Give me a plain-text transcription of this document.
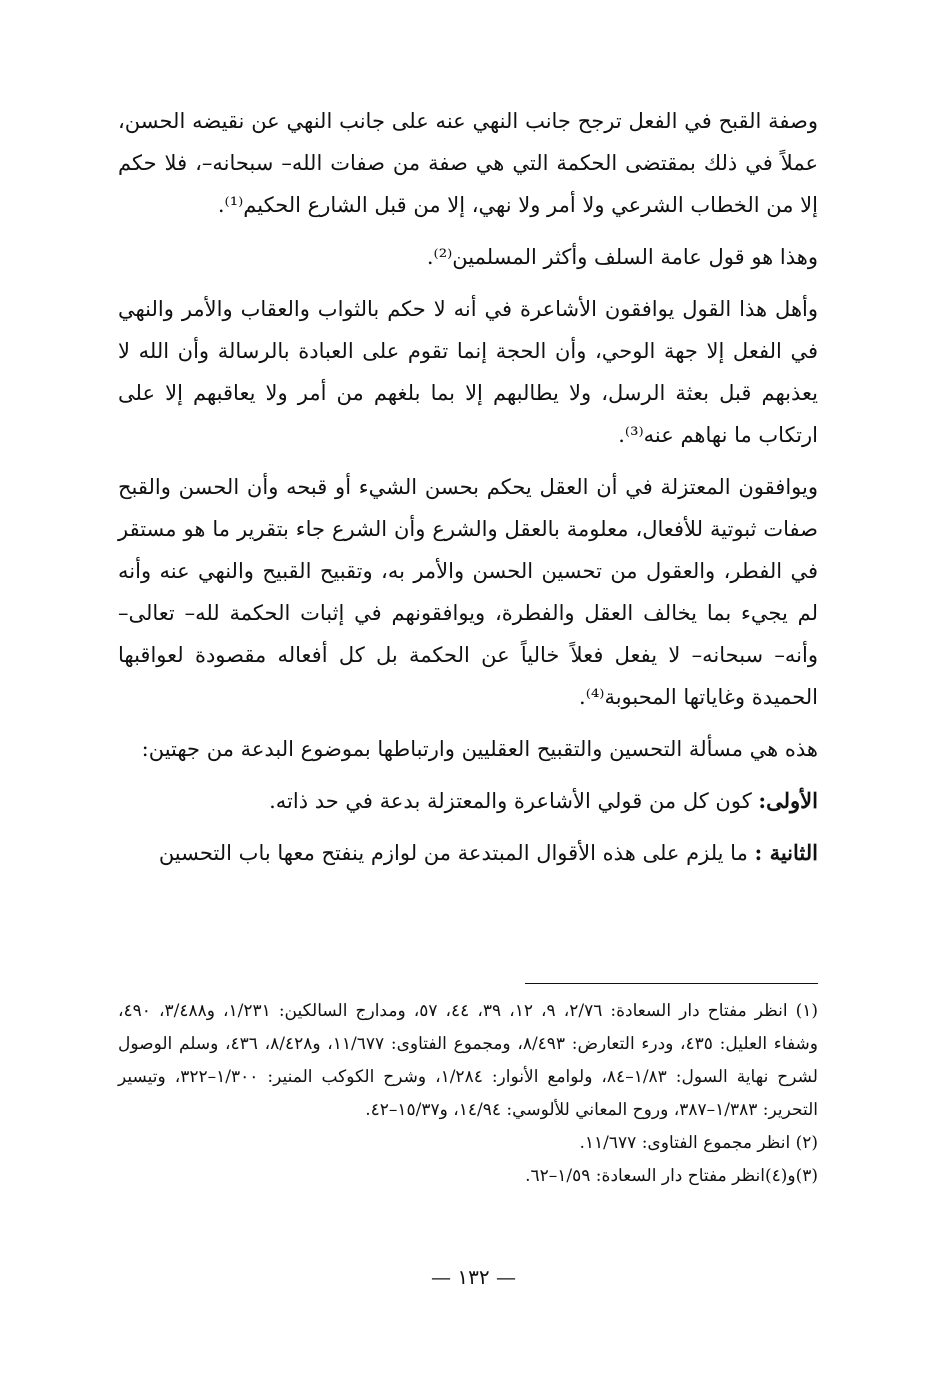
وصفة القبح في الفعل ترجح جانب النهي عنه على جانب النهي عن نقيضه الحسن، عملاً في ذلك بمقتضى الحكمة التي هي صفة من صفات الله– سبحانه–، فلا حكم إلا من الخطاب الشرعي ولا أمر ولا نهي، إلا من قبل الشارع الحكيم⁽¹⁾.

وهذا هو قول عامة السلف وأكثر المسلمين⁽²⁾.

وأهل هذا القول يوافقون الأشاعرة في أنه لا حكم بالثواب والعقاب والأمر والنهي في الفعل إلا جهة الوحي، وأن الحجة إنما تقوم على العبادة بالرسالة وأن الله لا يعذبهم قبل بعثة الرسل، ولا يطالبهم إلا بما بلغهم من أمر ولا يعاقبهم إلا على ارتكاب ما نهاهم عنه⁽³⁾.

ويوافقون المعتزلة في أن العقل يحكم بحسن الشيء أو قبحه وأن الحسن والقبح صفات ثبوتية للأفعال، معلومة بالعقل والشرع وأن الشرع جاء بتقرير ما هو مستقر في الفطر، والعقول من تحسين الحسن والأمر به، وتقبيح القبيح والنهي عنه وأنه لم يجيء بما يخالف العقل والفطرة، ويوافقونهم في إثبات الحكمة لله– تعالى– وأنه– سبحانه– لا يفعل فعلاً خالياً عن الحكمة بل كل أفعاله مقصودة لعواقبها الحميدة وغاياتها المحبوبة⁽⁴⁾.

هذه هي مسألة التحسين والتقبيح العقليين وارتباطها بموضوع البدعة من جهتين:

الأولى: كون كل من قولي الأشاعرة والمعتزلة بدعة في حد ذاته.

الثانية : ما يلزم على هذه الأقوال المبتدعة من لوازم ينفتح معها باب التحسين

(١) انظر مفتاح دار السعادة: ٢/٧٦، ٩، ١٢، ٣٩، ٤٤، ٥٧، ومدارج السالكين: ١/٢٣١، و٣/٤٨٨، ٤٩٠، وشفاء العليل: ٤٣٥، ودرء التعارض: ٨/٤٩٣، ومجموع الفتاوى: ١١/٦٧٧، و٨/٤٢٨، ٤٣٦، وسلم الوصول لشرح نهاية السول: ١/٨٣–٨٤، ولوامع الأنوار: ١/٢٨٤، وشرح الكوكب المنير: ١/٣٠٠–٣٢٢، وتيسير التحرير: ١/٣٨٣–٣٨٧، وروح المعاني للألوسي: ١٤/٩٤، و١٥/٣٧–٤٢.

(٢) انظر مجموع الفتاوى: ١١/٦٧٧.

(٣)و(٤)انظر مفتاح دار السعادة: ١/٥٩–٦٢.

— ١٣٢ —
